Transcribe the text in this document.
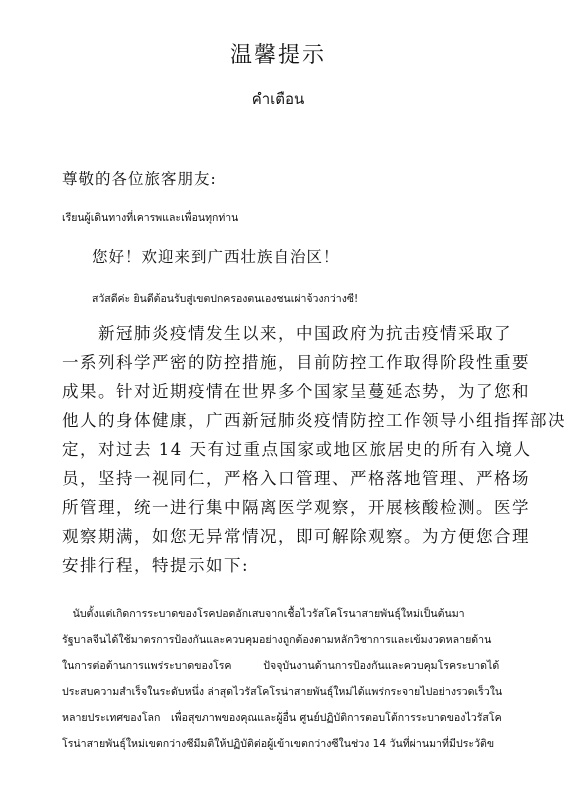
温馨提示
คำเตือน
尊敬的各位旅客朋友:
เรียนผู้เดินทางที่เคารพและเพื่อนทุกท่าน
您好！欢迎来到广西壮族自治区！
สวัสดีค่ะ ยินดีต้อนรับสู่เขตปกครองตนเองชนเผ่าจ้วงกว่างซี!
　　新冠肺炎疫情发生以来，中国政府为抗击疫情采取了
一系列科学严密的防控措施，目前防控工作取得阶段性重要
成果。针对近期疫情在世界多个国家呈蔓延态势，为了您和
他人的身体健康，广西新冠肺炎疫情防控工作领导小组指挥部决
定，对过去 14 天有过重点国家或地区旅居史的所有入境人
员，坚持一视同仁，严格入口管理、严格落地管理、严格场
所管理，统一进行集中隔离医学观察，开展核酸检测。医学
观察期满，如您无异常情况，即可解除观察。为方便您合理
安排行程，特提示如下:
　นับตั้งแต่เกิดการระบาดของโรคปอดอักเสบจากเชื้อไวรัสโคโรนาสายพันธุ์ใหม่เป็นต้นมา
รัฐบาลจีนได้ใช้มาตรการป้องกันและควบคุมอย่างถูกต้องตามหลักวิชาการและเข้มงวดหลายด้าน
ในการต่อต้านการแพร่ระบาดของโรค　　　ปัจจุบันงานด้านการป้องกันและควบคุมโรคระบาดได้
ประสบความสำเร็จในระดับหนึ่ง ล่าสุดไวรัสโคโรน่าสายพันธุ์ใหม่ได้แพร่กระจายไปอย่างรวดเร็วใน
หลายประเทศของโลก　เพื่อสุขภาพของคุณและผู้อื่น ศูนย์ปฏิบัติการตอบโต้การระบาดของไวรัสโค
โรน่าสายพันธุ์ใหม่เขตกว่างซีมีมติให้ปฏิบัติต่อผู้เข้าเขตกว่างซีในช่วง 14 วันที่ผ่านมาที่มีประวัติข
